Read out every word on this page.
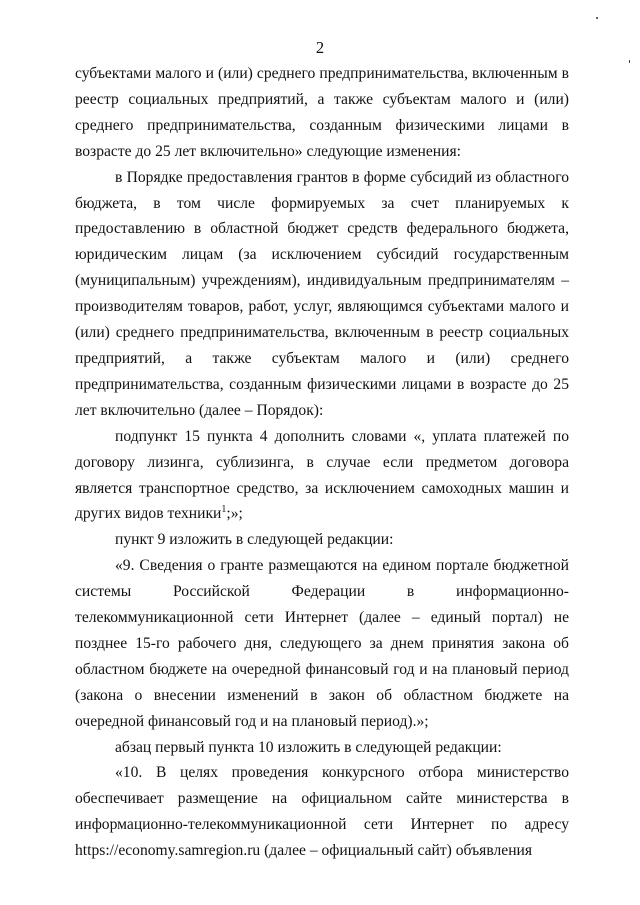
2

субъектами малого и (или) среднего предпринимательства, включенным в реестр социальных предприятий, а также субъектам малого и (или) среднего предпринимательства, созданным физическими лицами в возрасте до 25 лет включительно» следующие изменения:

в Порядке предоставления грантов в форме субсидий из областного бюджета, в том числе формируемых за счет планируемых к предоставлению в областной бюджет средств федерального бюджета, юридическим лицам (за исключением субсидий государственным (муниципальным) учреждениям), индивидуальным предпринимателям – производителям товаров, работ, услуг, являющимся субъектами малого и (или) среднего предпринимательства, включенным в реестр социальных предприятий, а также субъектам малого и (или) среднего предпринимательства, созданным физическими лицами в возрасте до 25 лет включительно (далее – Порядок):

подпункт 15 пункта 4 дополнить словами «, уплата платежей по договору лизинга, сублизинга, в случае если предметом договора является транспортное средство, за исключением самоходных машин и других видов техники$^1$;»;

пункт 9 изложить в следующей редакции:

«9. Сведения о гранте размещаются на едином портале бюджетной системы Российской Федерации в информационно-телекоммуникационной сети Интернет (далее – единый портал) не позднее 15-го рабочего дня, следующего за днем принятия закона об областном бюджете на очередной финансовый год и на плановый период (закона о внесении изменений в закон об областном бюджете на очередной финансовый год и на плановый период).»;

абзац первый пункта 10 изложить в следующей редакции:

«10. В целях проведения конкурсного отбора министерство обеспечивает размещение на официальном сайте министерства в информационно-телекоммуникационной сети Интернет по адресу https://economy.samregion.ru (далее – официальный сайт) объявления
